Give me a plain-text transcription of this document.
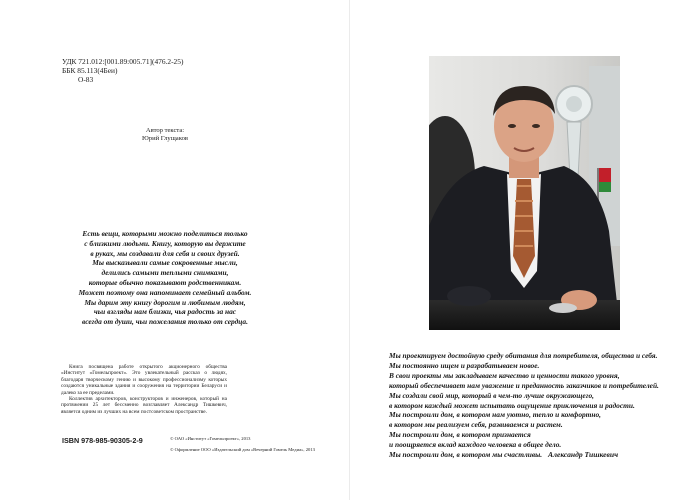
УДК 721.012:[001.89:005.71](476.2-25)
ББК 85.113(4Беи)
О-83
Автор текста:
Юрий Глущаков
Есть вещи, которыми можно поделиться только
с близкими людьми. Книгу, которую вы держите
в руках, мы создавали для себя и своих друзей.
Мы высказывали самые сокровенные мысли,
делились самыми теплыми снимками,
которые обычно показывают родственникам.
Может поэтому она напоминает семейный альбом.
Мы дарим эту книгу дорогим и любимым людям,
чьи взгляды нам близки, чья радость за нас
всегда от души, чьи пожелания только от сердца.

Книга посвящена работе открытого акционерного общества «Институт «Гомельпроект». Это увлекательный рассказ о людях, благодаря творческому гению и высокому профессионализму которых создаются уникальные здания и сооружения на территории Беларуси и далеко за ее пределами.

Коллектив архитекторов, конструкторов и инженеров, который на протяжении 25 лет бессменно возглавляет Александр Тишкевич, является одним из лучших на всем постсоветском пространстве.

ISBN 978-985-90305-2-9	© ОАО «Институт «Гомельпроект», 2013
© Оформление ООО «Издательский дом «Вечерний Гомель Медиа», 2013
Мы проектируем достойную среду обитания для потребителя, общества и себя.
Мы постоянно ищем и разрабатываем новое.
В свои проекты мы закладываем качество и ценности такого уровня,
который обеспечивает нам уважение и преданность заказчиков и потребителей.
Мы создали свой мир, который в чем-то лучше окружающего,
в котором каждый может испытать ощущение приключения и радости.
Мы построили дом, в котором нам уютно, тепло и комфортно,
в котором мы реализуем себя, развиваемся и растем.
Мы построили дом, в котором признается
и поощряется вклад каждого человека в общее дело.
Мы построили дом, в котором мы счастливы. Александр Тишкевич
